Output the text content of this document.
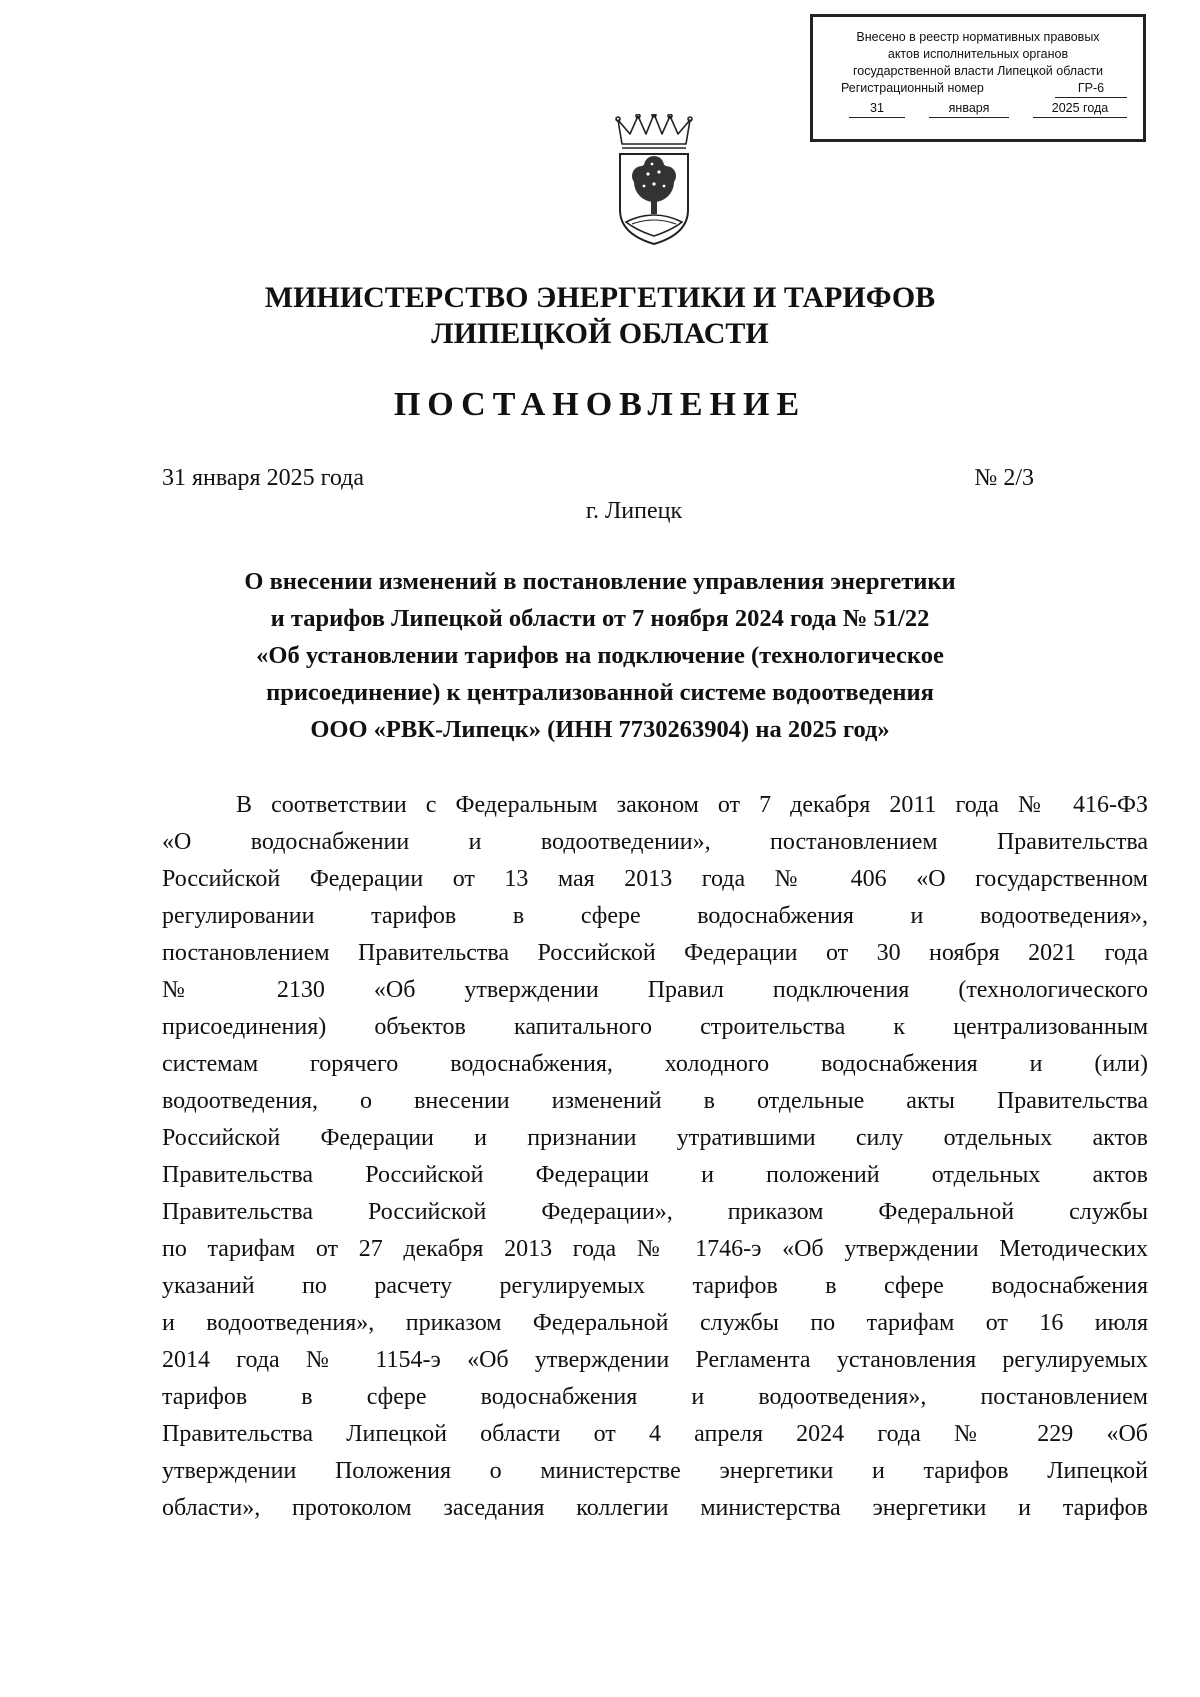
Внесено в реестр нормативных правовых
актов исполнительных органов
государственной власти Липецкой области
Регистрационный номер	ГР-6
31	января	2025 года
МИНИСТЕРСТВО ЭНЕРГЕТИКИ И ТАРИФОВ
ЛИПЕЦКОЙ ОБЛАСТИ
ПОСТАНОВЛЕНИЕ
31 января 2025 года	№ 2/3
г. Липецк
О внесении изменений в постановление управления энергетики
и тарифов Липецкой области от 7 ноября 2024 года № 51/22
«Об установлении тарифов на подключение (технологическое
присоединение) к централизованной системе водоотведения
ООО «РВК-Липецк» (ИНН 7730263904) на 2025 год»
В соответствии с Федеральным законом от 7 декабря 2011 года № 416-ФЗ
«О водоснабжении и водоотведении», постановлением Правительства
Российской Федерации от 13 мая 2013 года № 406 «О государственном
регулировании тарифов в сфере водоснабжения и водоотведения»,
постановлением Правительства Российской Федерации от 30 ноября 2021 года
№ 2130 «Об утверждении Правил подключения (технологического
присоединения) объектов капитального строительства к централизованным
системам горячего водоснабжения, холодного водоснабжения и (или)
водоотведения, о внесении изменений в отдельные акты Правительства
Российской Федерации и признании утратившими силу отдельных актов
Правительства Российской Федерации и положений отдельных актов
Правительства Российской Федерации», приказом Федеральной службы
по тарифам от 27 декабря 2013 года № 1746-э «Об утверждении Методических
указаний по расчету регулируемых тарифов в сфере водоснабжения
и водоотведения», приказом Федеральной службы по тарифам от 16 июля
2014 года № 1154-э «Об утверждении Регламента установления регулируемых
тарифов в сфере водоснабжения и водоотведения», постановлением
Правительства Липецкой области от 4 апреля 2024 года № 229 «Об
утверждении Положения о министерстве энергетики и тарифов Липецкой
области», протоколом заседания коллегии министерства энергетики и тарифов
